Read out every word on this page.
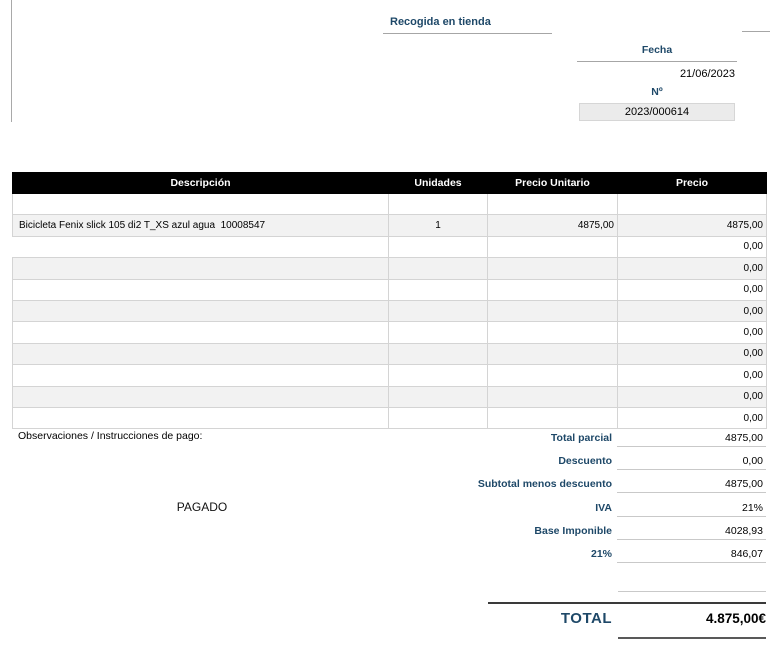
Recogida en tienda
Fecha
21/06/2023
Nº
2023/000614
Descripción	Unidades	Precio Unitario	Precio

Bicicleta Fenix slick 105 di2 T_XS azul agua  10008547	1	4875,00	4875,00
			0,00
			0,00
			0,00
			0,00
			0,00
			0,00
			0,00
			0,00
			0,00
Observaciones / Instrucciones de pago:
PAGADO
Total parcial	4875,00
Descuento	0,00
Subtotal menos descuento	4875,00
IVA	21%
Base Imponible	4028,93
21%	846,07
TOTAL	4.875,00€
